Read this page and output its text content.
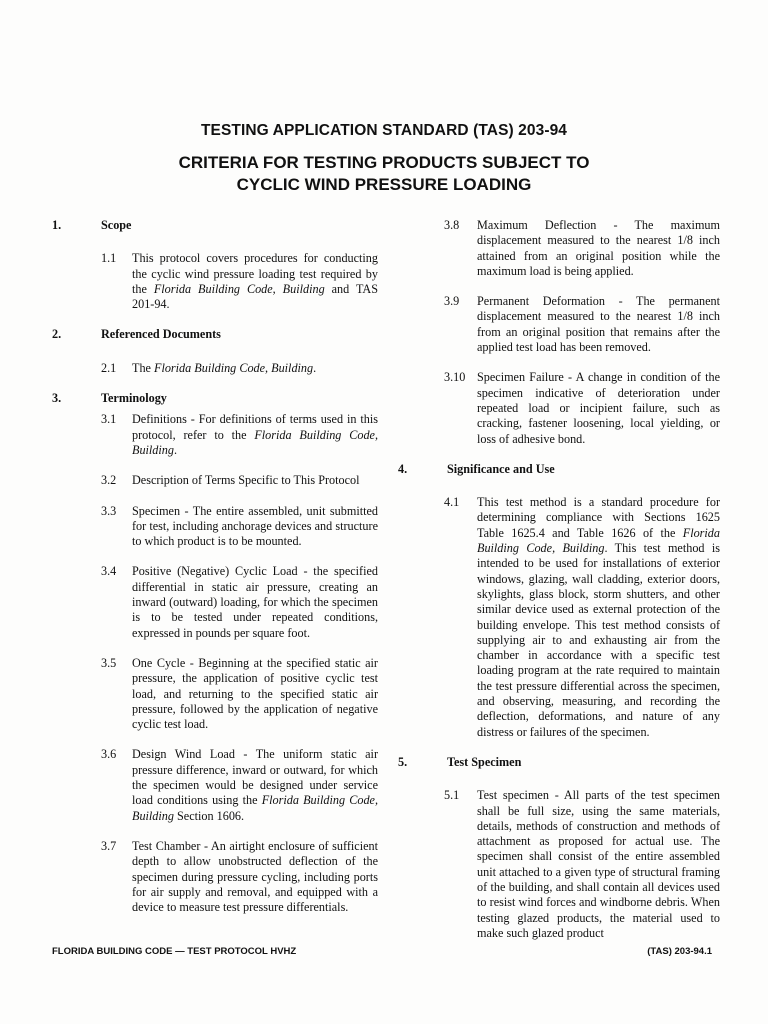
TESTING APPLICATION STANDARD (TAS) 203-94
CRITERIA FOR TESTING PRODUCTS SUBJECT TO
CYCLIC WIND PRESSURE LOADING
1.	Scope
1.1 This protocol covers procedures for conducting the cyclic wind pressure loading test required by the Florida Building Code, Building and TAS 201-94.
2.	Referenced Documents
2.1 The Florida Building Code, Building.
3.	Terminology
3.1 Definitions - For definitions of terms used in this protocol, refer to the Florida Building Code, Building.
3.2 Description of Terms Specific to This Protocol
3.3 Specimen - The entire assembled, unit submitted for test, including anchorage devices and structure to which product is to be mounted.
3.4 Positive (Negative) Cyclic Load - the specified differential in static air pressure, creating an inward (outward) loading, for which the specimen is to be tested under repeated conditions, expressed in pounds per square foot.
3.5 One Cycle - Beginning at the specified static air pressure, the application of positive cyclic test load, and returning to the specified static air pressure, followed by the application of negative cyclic test load.
3.6 Design Wind Load - The uniform static air pressure difference, inward or outward, for which the specimen would be designed under service load conditions using the Florida Building Code, Building Section 1606.
3.7 Test Chamber - An airtight enclosure of sufficient depth to allow unobstructed deflection of the specimen during pressure cycling, including ports for air supply and removal, and equipped with a device to measure test pressure differentials.
3.8 Maximum Deflection - The maximum displacement measured to the nearest 1/8 inch attained from an original position while the maximum load is being applied.
3.9 Permanent Deformation - The permanent displacement measured to the nearest 1/8 inch from an original position that remains after the applied test load has been removed.
3.10 Specimen Failure - A change in condition of the specimen indicative of deterioration under repeated load or incipient failure, such as cracking, fastener loosening, local yielding, or loss of adhesive bond.
4.	Significance and Use
4.1 This test method is a standard procedure for determining compliance with Sections 1625 Table 1625.4 and Table 1626 of the Florida Building Code, Building. This test method is intended to be used for installations of exterior windows, glazing, wall cladding, exterior doors, skylights, glass block, storm shutters, and other similar device used as external protection of the building envelope. This test method consists of supplying air to and exhausting air from the chamber in accordance with a specific test loading program at the rate required to maintain the test pressure differential across the specimen, and observing, measuring, and recording the deflection, deformations, and nature of any distress or failures of the specimen.
5.	Test Specimen
5.1 Test specimen - All parts of the test specimen shall be full size, using the same materials, details, methods of construction and methods of attachment as proposed for actual use. The specimen shall consist of the entire assembled unit attached to a given type of structural framing of the building, and shall contain all devices used to resist wind forces and windborne debris. When testing glazed products, the material used to make such glazed product
FLORIDA BUILDING CODE — TEST PROTOCOL HVHZ	(TAS) 203-94.1
